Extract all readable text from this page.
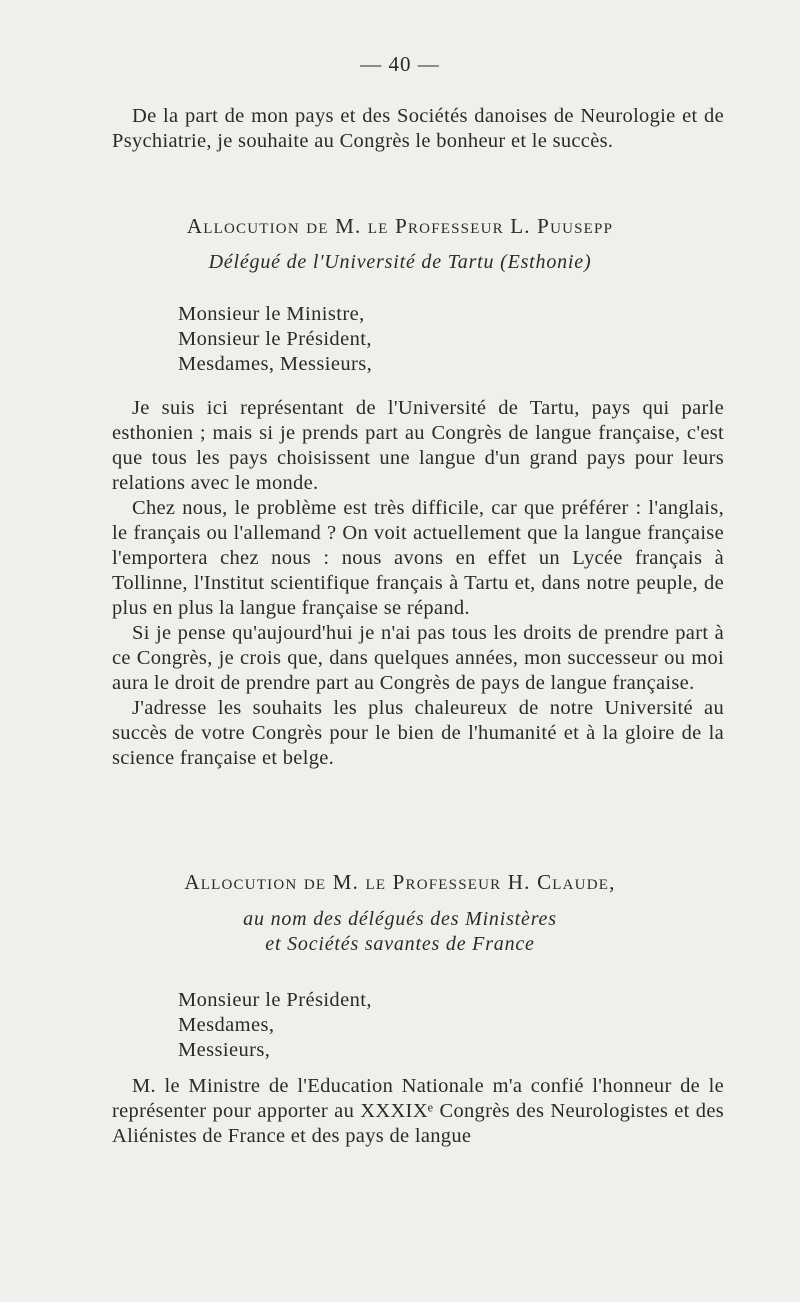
— 40 —

De la part de mon pays et des Sociétés danoises de Neurologie et de Psychiatrie, je souhaite au Congrès le bonheur et le succès.

Allocution de M. le Professeur L. Puusepp
Délégué de l'Université de Tartu (Esthonie)
Monsieur le Ministre,
Monsieur le Président,
Mesdames, Messieurs,

Je suis ici représentant de l'Université de Tartu, pays qui parle esthonien ; mais si je prends part au Congrès de langue française, c'est que tous les pays choisissent une langue d'un grand pays pour leurs relations avec le monde.

Chez nous, le problème est très difficile, car que préférer : l'anglais, le français ou l'allemand ? On voit actuellement que la langue française l'emportera chez nous : nous avons en effet un Lycée français à Tollinne, l'Institut scientifique français à Tartu et, dans notre peuple, de plus en plus la langue française se répand.

Si je pense qu'aujourd'hui je n'ai pas tous les droits de prendre part à ce Congrès, je crois que, dans quelques années, mon successeur ou moi aura le droit de prendre part au Congrès de pays de langue française.

J'adresse les souhaits les plus chaleureux de notre Université au succès de votre Congrès pour le bien de l'humanité et à la gloire de la science française et belge.

Allocution de M. le Professeur H. Claude,
au nom des délégués des Ministères
et Sociétés savantes de France
Monsieur le Président,
Mesdames,
Messieurs,

M. le Ministre de l'Education Nationale m'a confié l'honneur de le représenter pour apporter au XXXIXᵉ Congrès des Neurologistes et des Aliénistes de France et des pays de langue
